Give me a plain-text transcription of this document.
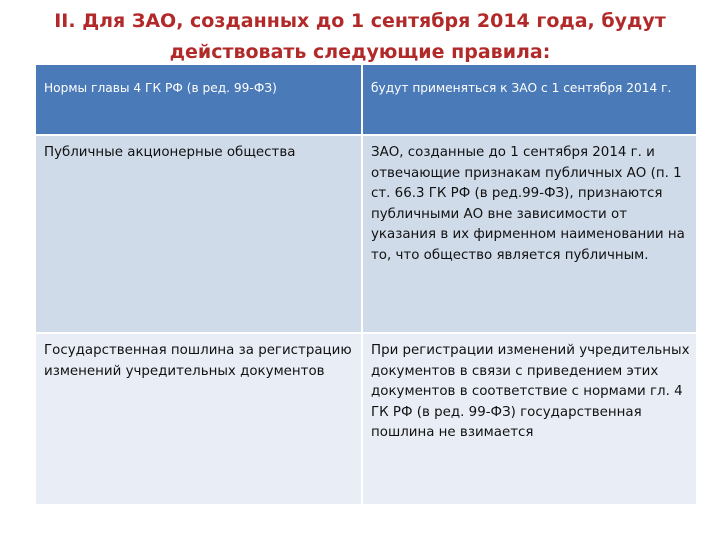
II. Для ЗАО, созданных до 1 сентября 2014 года, будут
действовать следующие правила:
Нормы главы 4 ГК РФ (в ред. 99-ФЗ)	будут применяться к ЗАО с 1 сентября 2014 г.
Публичные акционерные общества	ЗАО, созданные до 1 сентября 2014 г. и отвечающие признакам публичных АО (п. 1 ст. 66.3 ГК РФ (в ред.99-ФЗ), признаются публичными АО вне зависимости от указания в их фирменном наименовании на то, что общество является публичным.
Государственная пошлина за регистрацию изменений учредительных документов	При регистрации изменений учредительных документов в связи с приведением этих документов в соответствие с нормами гл. 4 ГК РФ (в ред. 99-ФЗ) государственная пошлина не взимается
